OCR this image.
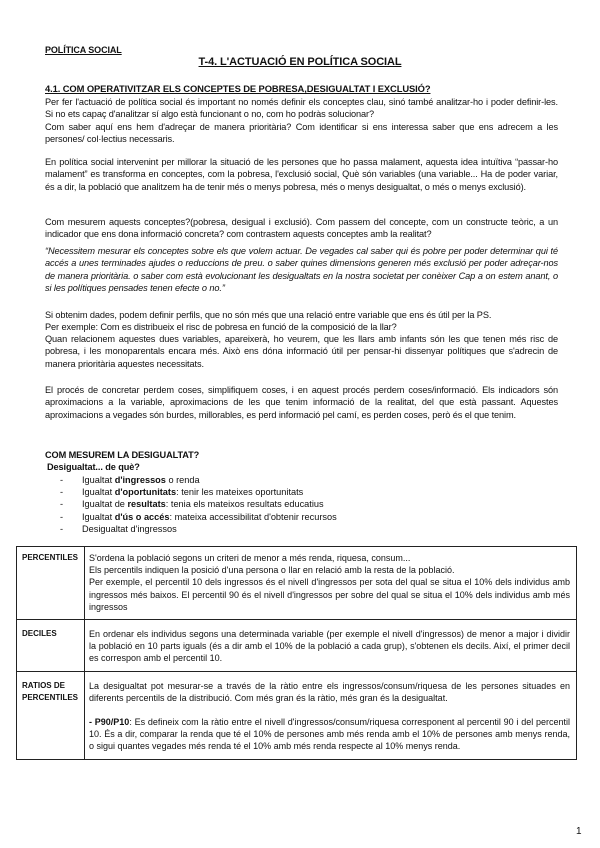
POLÍTICA SOCIAL
T-4. L'ACTUACIÓ EN POLÍTICA SOCIAL
4.1. COM OPERATIVITZAR ELS CONCEPTES DE POBRESA,DESIGUALTAT I EXCLUSIÓ?
Per fer l'actuació de política social és important no només definir els conceptes clau, sinó també analitzar-ho i poder definir-les. Si no ets capaç d'analitzar sí algo està funcionant o no, com ho podràs solucionar?
Com saber aquí ens hem d'adreçar de manera prioritària? Com identificar si ens interessa saber que ens adrecem a les persones/ col·lectius necessaris.
En política social intervenint per millorar la situació de les persones que ho passa malament, aquesta idea intuïtiva “passar-ho malament” es transforma en conceptes, com la pobresa, l'exclusió social, Què són variables (una variable... Ha de poder variar, és a dir, la població que analitzem ha de tenir més o menys pobresa, més o menys desigualtat, o més o menys exclusió).
Com mesurem aquests conceptes?(pobresa, desigual i exclusió). Com passem del concepte, com un constructe teòric, a un indicador que ens dona informació concreta? com contrastem aquests conceptes amb la realitat?
“Necessitem mesurar els conceptes sobre els que volem actuar. De vegades cal saber qui és pobre per poder determinar qui té accés a unes terminades ajudes o reduccions de preu. o saber quines dimensions generen més exclusió per poder adreçar-nos de manera prioritària. o saber com està evolucionant les desigualtats en la nostra societat per conèixer Cap a on estem anant, o si les polítiques pensades tenen efecte o no.”
Si obtenim dades, podem definir perfils, que no són més que una relació entre variable que ens és útil per la PS.
Per exemple: Com es distribueix el risc de pobresa en funció de la composició de la llar?
Quan relacionem aquestes dues variables, apareixerà, ho veurem, que les llars amb infants són les que tenen més risc de pobresa, i les monoparentals encara més. Això ens dóna informació útil per pensar-hi dissenyar polítiques que s'adrecin de manera prioritària aquestes necessitats.
El procés de concretar perdem coses, simplifiquem coses, i en aquest procés perdem coses/informació. Els indicadors són aproximacions a la variable, aproximacions de les que tenim informació de la realitat, del que està passant. Aquestes aproximacions a vegades són burdes, millorables, es perd informació pel camí, es perden coses, però és el que tenim.
COM MESUREM LA DESIGUALTAT?
Desigualtat... de què?
- Igualtat d'ingressos o renda
- Igualtat d'oportunitats: tenir les mateixes oportunitats
- Igualtat de resultats: tenia els mateixos resultats educatius
- Igualtat d'ús o accés: mateixa accessibilitat d'obtenir recursos
- Desigualtat d'ingressos
PERCENTILES	S'ordena la població segons un criteri de menor a més renda, riquesa, consum...
Els percentils indiquen la posició d'una persona o llar en relació amb la resta de la població.
Per exemple, el percentil 10 dels ingressos és el nivell d'ingressos per sota del qual se situa el 10% dels individus amb ingressos més baixos. El percentil 90 és el nivell d'ingressos per sobre del qual se situa el 10% dels individus amb més ingressos

DECILES	En ordenar els individus segons una determinada variable (per exemple el nivell d'ingressos) de menor a major i dividir la població en 10 parts iguals (és a dir amb el 10% de la població a cada grup), s'obtenen els decils. Així, el primer decil es correspon amb el percentil 10.

RATIOS DE PERCENTILES	La desigualtat pot mesurar-se a través de la ràtio entre els ingressos/consum/riquesa de les persones situades en diferents percentils de la distribució. Com més gran és la ràtio, més gran és la desigualtat.
- P90/P10: Es defineix com la ràtio entre el nivell d'ingressos/consum/riquesa corresponent al percentil 90 i del percentil 10. És a dir, comparar la renda que té el 10% de persones amb més renda amb el 10% de persones amb menys renda, o sigui quantes vegades més renda té el 10% amb més renda respecte al 10% menys renda.
1
